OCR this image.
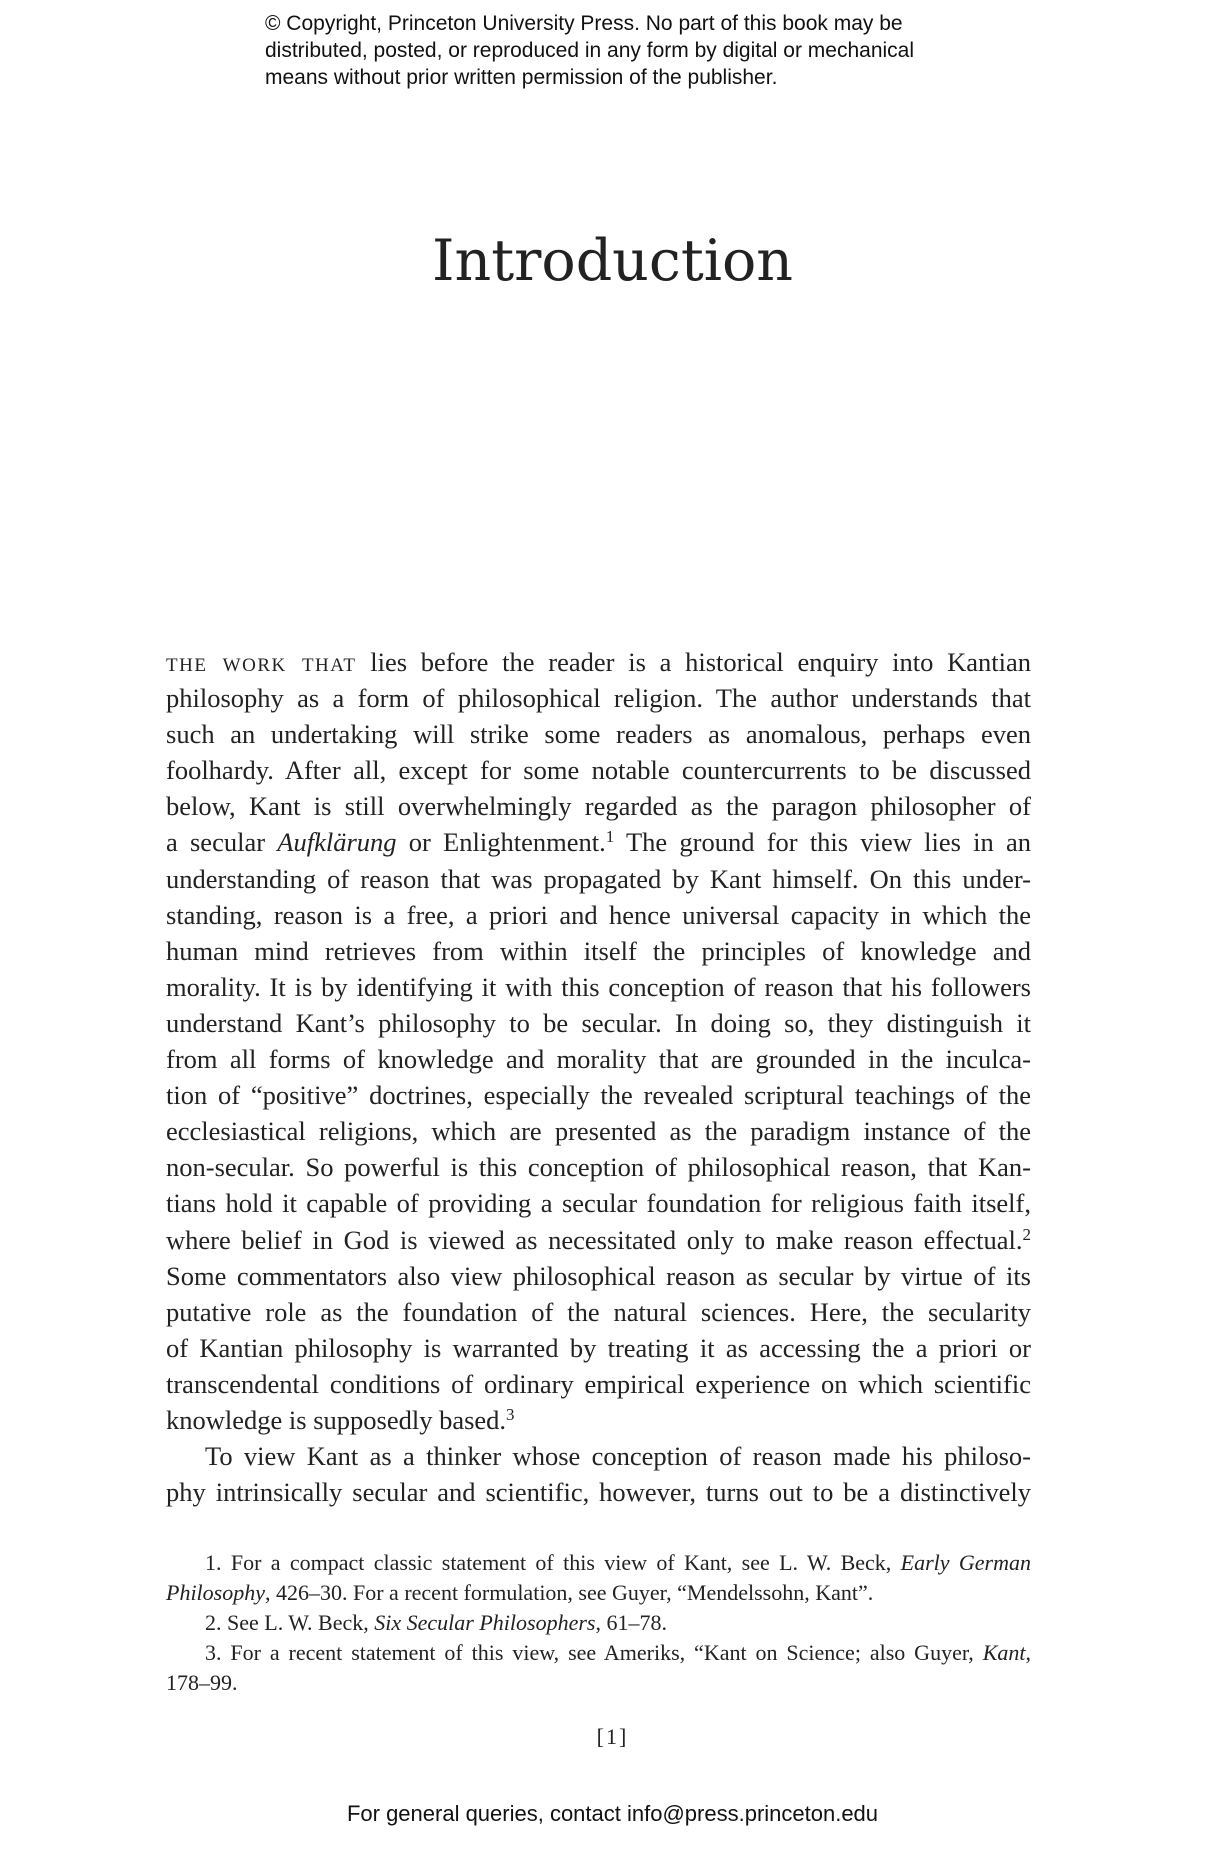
© Copyright, Princeton University Press. No part of this book may be
distributed, posted, or reproduced in any form by digital or mechanical
means without prior written permission of the publisher.
Introduction
the work that lies before the reader is a historical enquiry into Kantian
philosophy as a form of philosophical religion. The author understands that
such an undertaking will strike some readers as anomalous, perhaps even
foolhardy. After all, except for some notable countercurrents to be discussed
below, Kant is still overwhelmingly regarded as the paragon philosopher of
a secular Aufklärung or Enlightenment.$^1$ The ground for this view lies in an
understanding of reason that was propagated by Kant himself. On this under-
standing, reason is a free, a priori and hence universal capacity in which the
human mind retrieves from within itself the principles of knowledge and
morality. It is by identifying it with this conception of reason that his followers
understand Kant’s philosophy to be secular. In doing so, they distinguish it
from all forms of knowledge and morality that are grounded in the inculca-
tion of “positive” doctrines, especially the revealed scriptural teachings of the
ecclesiastical religions, which are presented as the paradigm instance of the
non-secular. So powerful is this conception of philosophical reason, that Kan-
tians hold it capable of providing a secular foundation for religious faith itself,
where belief in God is viewed as necessitated only to make reason effectual.$^2$
Some commentators also view philosophical reason as secular by virtue of its
putative role as the foundation of the natural sciences. Here, the secularity
of Kantian philosophy is warranted by treating it as accessing the a priori or
transcendental conditions of ordinary empirical experience on which scientific
knowledge is supposedly based.$^3$
To view Kant as a thinker whose conception of reason made his philoso-
phy intrinsically secular and scientific, however, turns out to be a distinctively
1. For a compact classic statement of this view of Kant, see L. W. Beck, Early German
Philosophy, 426–30. For a recent formulation, see Guyer, “Mendelssohn, Kant”.
2. See L. W. Beck, Six Secular Philosophers, 61–78.
3. For a recent statement of this view, see Ameriks, “Kant on Science; also Guyer, Kant,
178–99.
[1]
For general queries, contact info@press.princeton.edu
